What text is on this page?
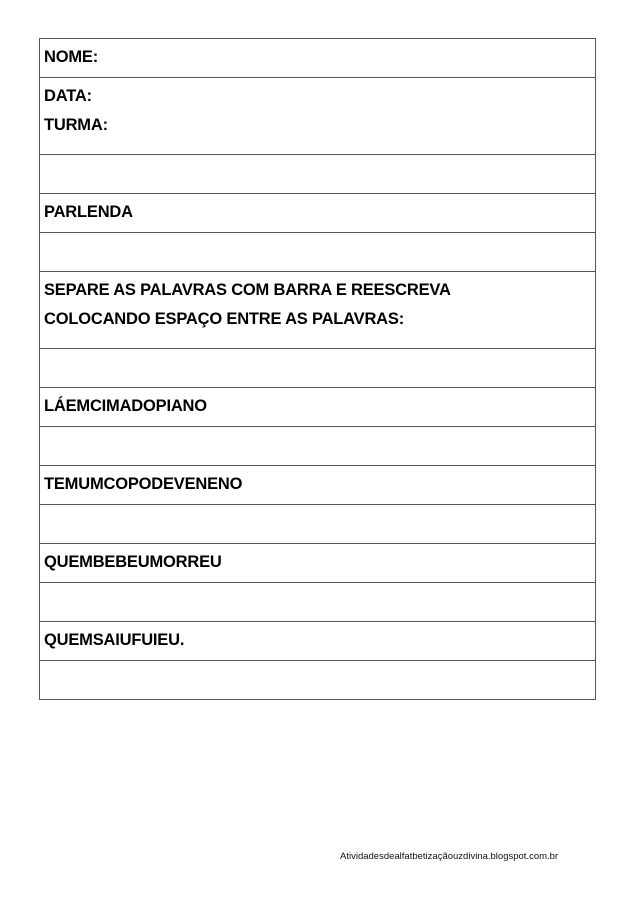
NOME:

DATA:
TURMA:

PARLENDA

SEPARE AS PALAVRAS COM BARRA E REESCREVA
COLOCANDO ESPAÇO ENTRE AS PALAVRAS:

LÁEMCIMADOPIANO

TEMUMCOPODEVENENO

QUEMBEBEUMORREU

QUEMSAIUFUIEU.

Atividadesdealfatbetizaçãouzdivina.blogspot.com.br
